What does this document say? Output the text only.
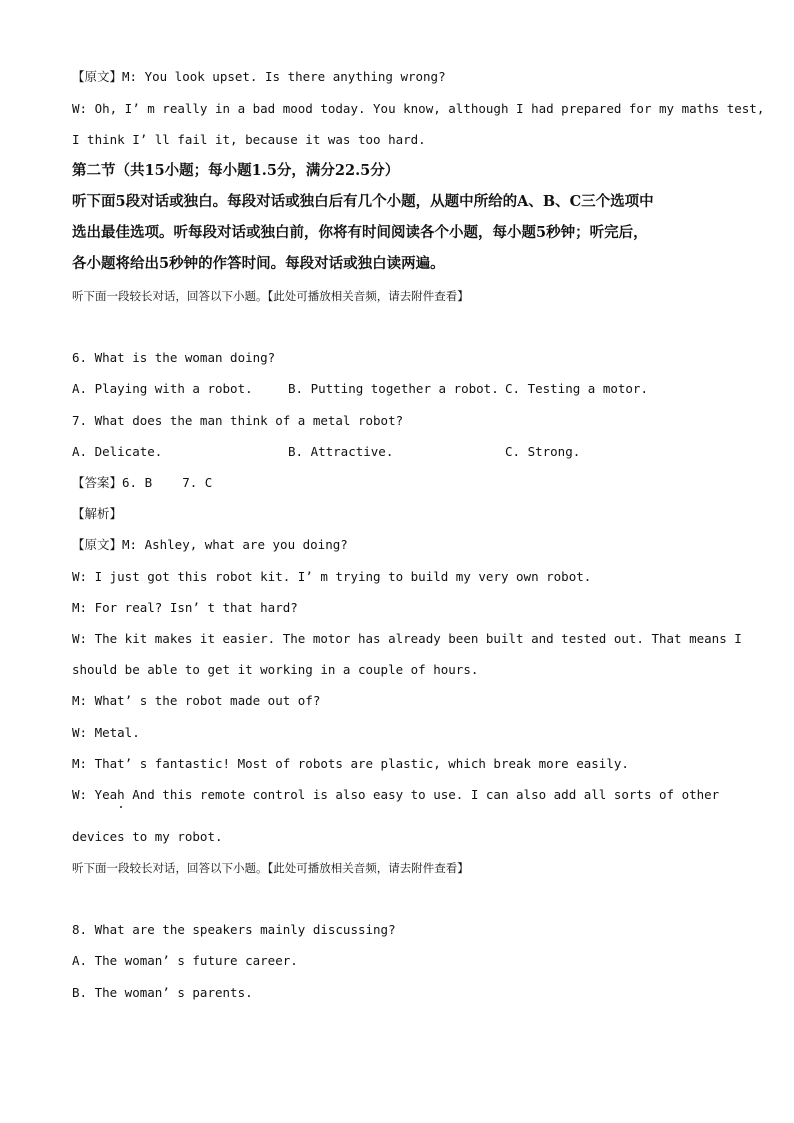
【原文】M: You look upset. Is there anything wrong?
W: Oh, I’ m really in a bad mood today. You know, although I had prepared for my maths test,
I think I’ ll fail it, because it was too hard.
第二节（共15小题；每小题1.5分，满分22.5分）
听下面5段对话或独白。每段对话或独白后有几个小题，从题中所给的A、B、C三个选项中
选出最佳选项。听每段对话或独白前，你将有时间阅读各个小题，每小题5秒钟；听完后，
各小题将给出5秒钟的作答时间。每段对话或独白读两遍。
听下面一段较长对话，回答以下小题。【此处可播放相关音频，请去附件查看】
6. What is the woman doing?
A. Playing with a robot.	B. Putting together a robot. C. Testing a motor.
7. What does the man think of a metal robot?
A. Delicate.	B. Attractive.	C. Strong.
【答案】6. B    7. C
【解析】
【原文】M: Ashley, what are you doing?
W: I just got this robot kit. I’ m trying to build my very own robot.
M: For real? Isn’ t that hard?
W: The kit makes it easier. The motor has already been built and tested out. That means I
should be able to get it working in a couple of hours.
M: What’ s the robot made out of?
W: Metal.
M: That’ s fantastic! Most of robots are plastic, which break more easily.
W: Yeah And this remote control is also easy to use. I can also add all sorts of other
devices to my robot.
听下面一段较长对话，回答以下小题。【此处可播放相关音频，请去附件查看】
8. What are the speakers mainly discussing?
A. The woman’ s future career.
B. The woman’ s parents.
